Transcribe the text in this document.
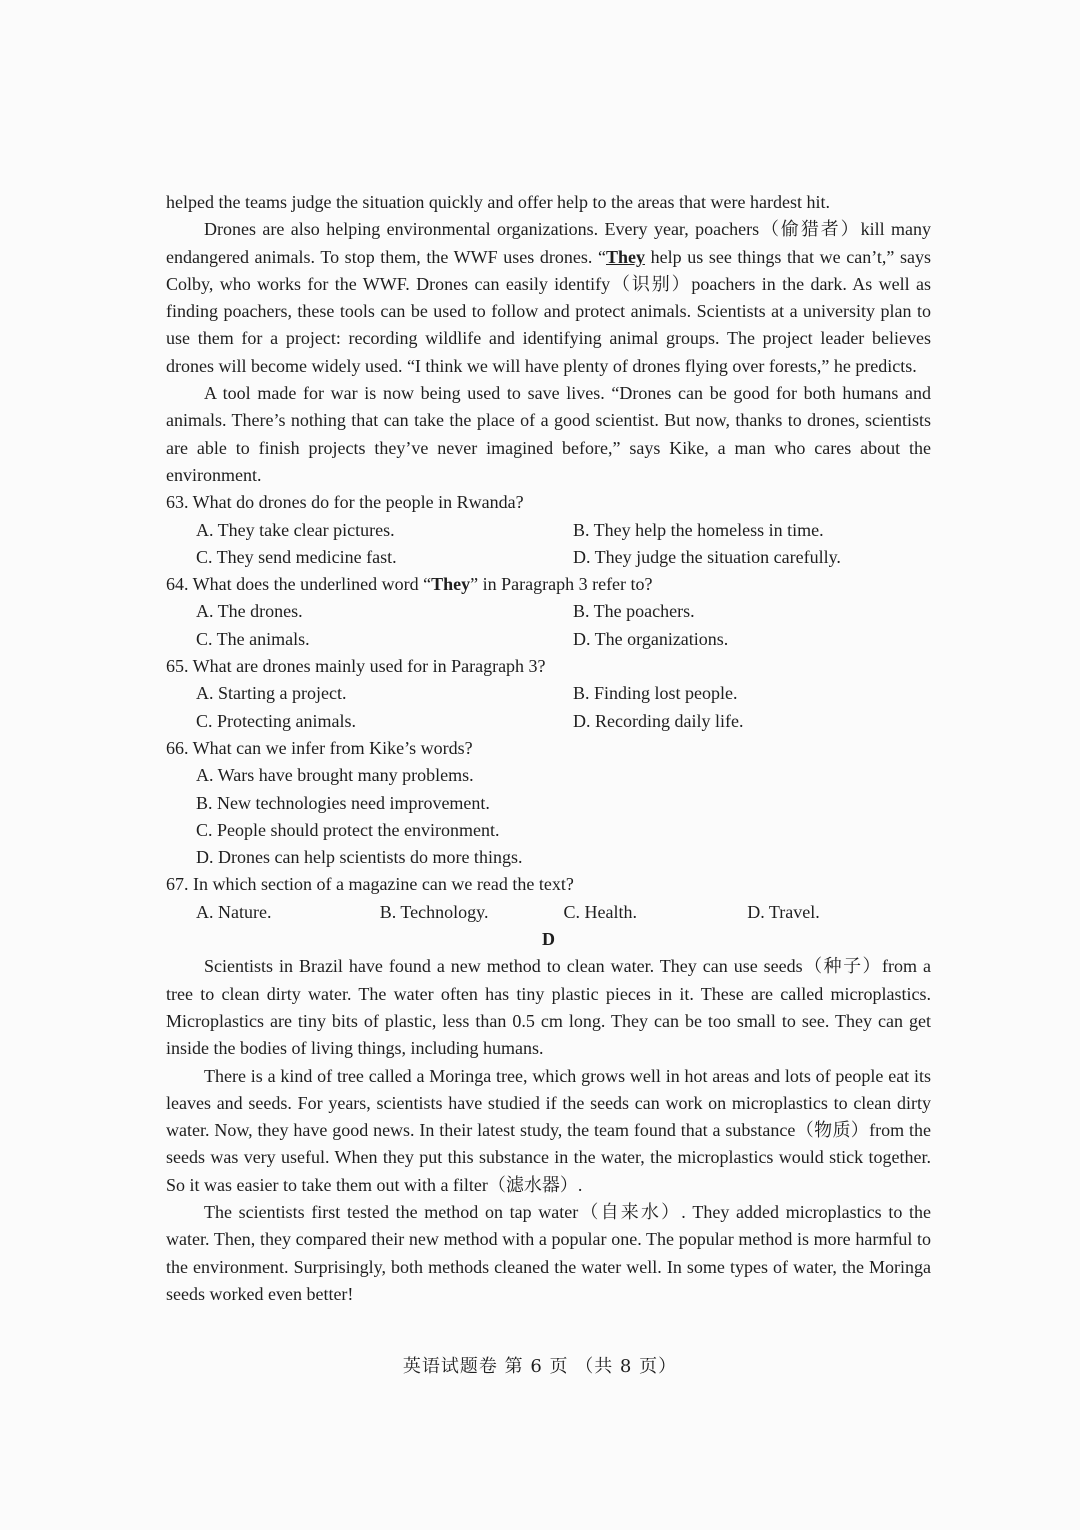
helped the teams judge the situation quickly and offer help to the areas that were hardest hit.

Drones are also helping environmental organizations. Every year, poachers（偷猎者）kill many endangered animals. To stop them, the WWF uses drones. “They help us see things that we can’t,” says Colby, who works for the WWF. Drones can easily identify（识别）poachers in the dark. As well as finding poachers, these tools can be used to follow and protect animals. Scientists at a university plan to use them for a project: recording wildlife and identifying animal groups. The project leader believes drones will become widely used. “I think we will have plenty of drones flying over forests,” he predicts.

A tool made for war is now being used to save lives. “Drones can be good for both humans and animals. There’s nothing that can take the place of a good scientist. But now, thanks to drones, scientists are able to finish projects they’ve never imagined before,” says Kike, a man who cares about the environment.

63. What do drones do for the people in Rwanda?

A. They take clear pictures.	B. They help the homeless in time.
C. They send medicine fast.	D. They judge the situation carefully.

64. What does the underlined word “They” in Paragraph 3 refer to?

A. The drones.	B. The poachers.
C. The animals.	D. The organizations.

65. What are drones mainly used for in Paragraph 3?

A. Starting a project.	B. Finding lost people.
C. Protecting animals.	D. Recording daily life.

66. What can we infer from Kike’s words?

A. Wars have brought many problems.

B. New technologies need improvement.

C. People should protect the environment.

D. Drones can help scientists do more things.

67. In which section of a magazine can we read the text?

A. Nature.	B. Technology.	C. Health.	D. Travel.

D

Scientists in Brazil have found a new method to clean water. They can use seeds（种子）from a tree to clean dirty water. The water often has tiny plastic pieces in it. These are called microplastics. Microplastics are tiny bits of plastic, less than 0.5 cm long. They can be too small to see. They can get inside the bodies of living things, including humans.

There is a kind of tree called a Moringa tree, which grows well in hot areas and lots of people eat its leaves and seeds. For years, scientists have studied if the seeds can work on microplastics to clean dirty water. Now, they have good news. In their latest study, the team found that a substance（物质）from the seeds was very useful. When they put this substance in the water, the microplastics would stick together. So it was easier to take them out with a filter（滤水器）.

The scientists first tested the method on tap water（自来水）. They added microplastics to the water. Then, they compared their new method with a popular one. The popular method is more harmful to the environment. Surprisingly, both methods cleaned the water well. In some types of water, the Moringa seeds worked even better!

英语试题卷 第 6 页 （共 8 页）
